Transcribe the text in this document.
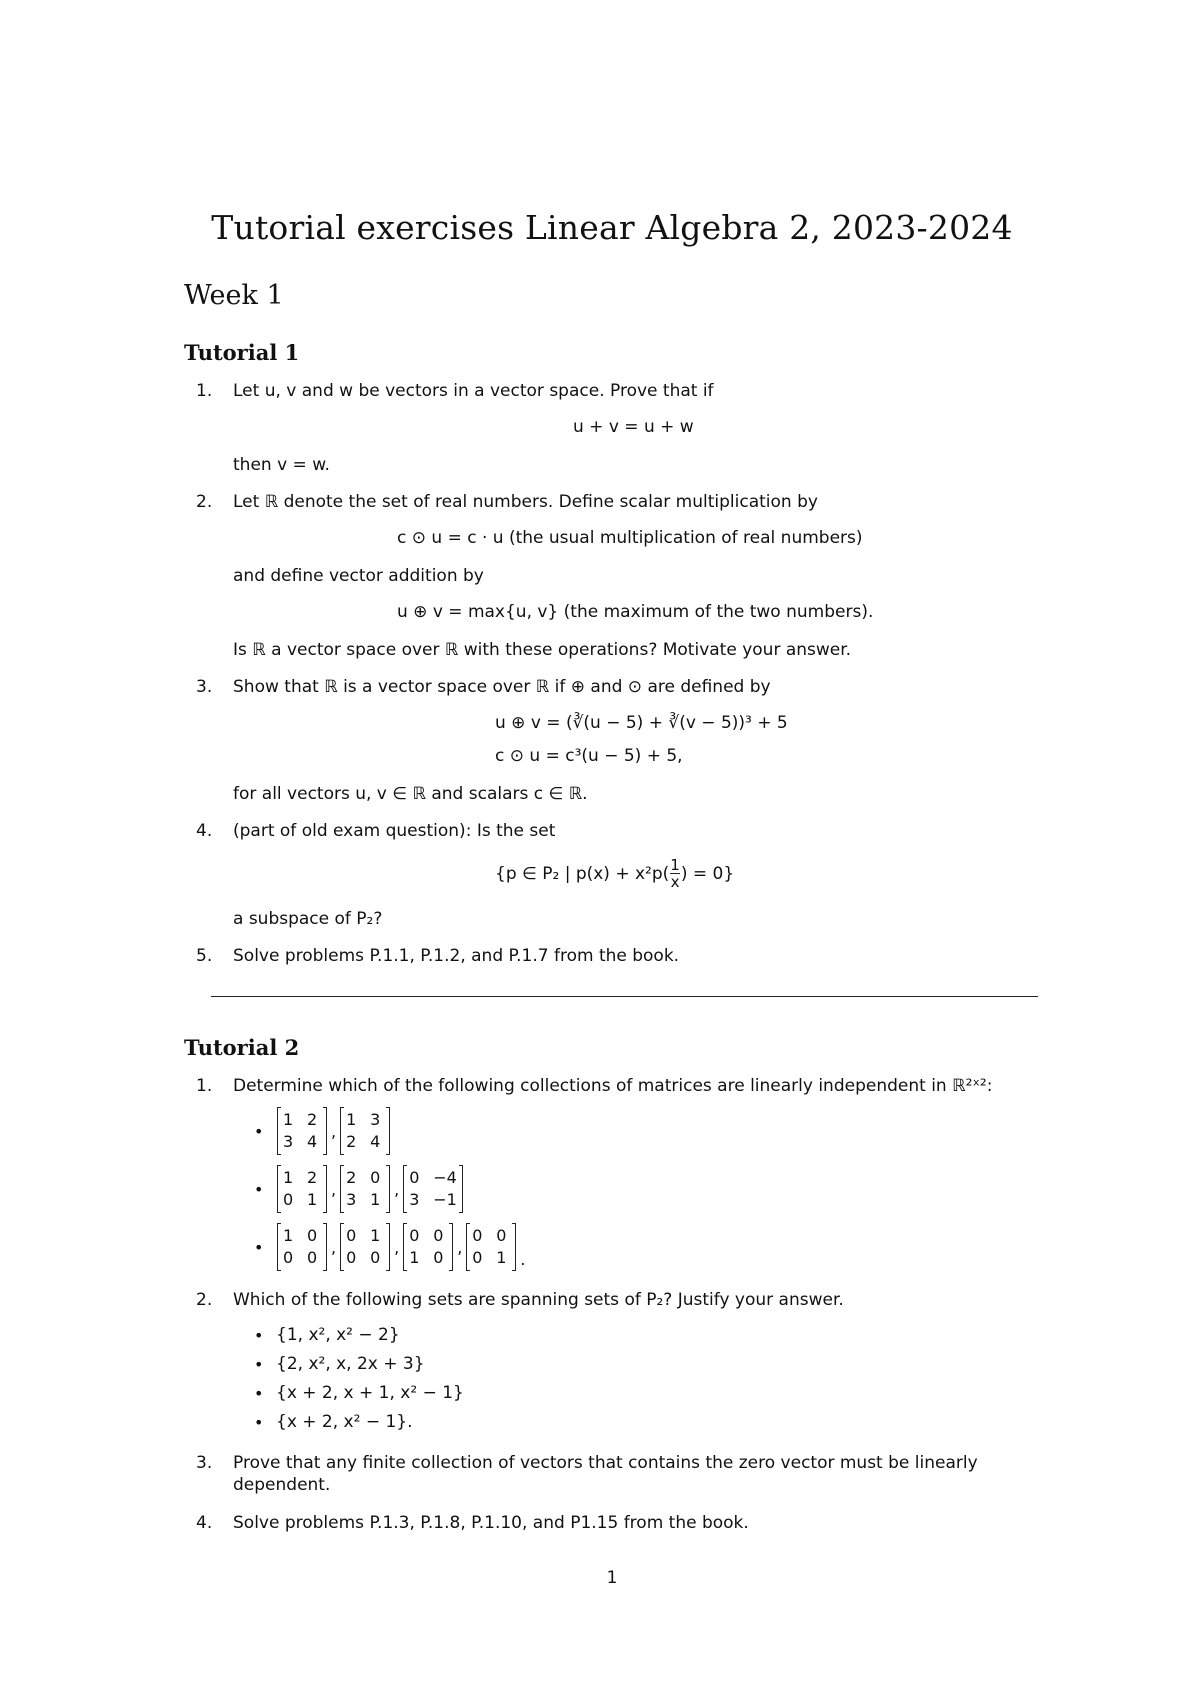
Tutorial exercises Linear Algebra 2, 2023-2024
Week 1
Tutorial 1
1.	Let u, v and w be vectors in a vector space. Prove that if
u + v = u + w
then v = w.
2.	Let ℝ denote the set of real numbers. Define scalar multiplication by
c ⊙ u = c · u (the usual multiplication of real numbers)
and define vector addition by
u ⊕ v = max{u, v} (the maximum of the two numbers).
Is ℝ a vector space over ℝ with these operations? Motivate your answer.
3.	Show that ℝ is a vector space over ℝ if ⊕ and ⊙ are defined by
u ⊕ v = (∛(u − 5) + ∛(v − 5))³ + 5
c ⊙ u = c³(u − 5) + 5,
for all vectors u, v ∈ ℝ and scalars c ∈ ℝ.
4.	(part of old exam question): Is the set
{p ∈ P₂ | $p(x) + x^2p( \frac{1}{x}$ ) = 0}
a subspace of P₂?
5.	Solve problems P.1.1, P.1.2, and P.1.7 from the book.
Tutorial 2
1.	Determine which of the following collections of matrices are linearly independent in ℝ²ˣ²:
•
1 2
3 4
,
1 3
2 4
•
1 2
0 1
,
2 0
3 1
,
0 −4
3 −1
•
1 0
0 0
,
0 1
0 0
,
0 0
1 0
,
0 0
0 1 .
2.	Which of the following sets are spanning sets of P₂? Justify your answer.
• {1, x², x² − 2}
• {2, x², x, 2x + 3}
• {x + 2, x + 1, x² − 1}
• {x + 2, x² − 1}.
3.	Prove that any finite collection of vectors that contains the zero vector must be linearly dependent.
4.	Solve problems P.1.3, P.1.8, P.1.10, and P1.15 from the book.
1
